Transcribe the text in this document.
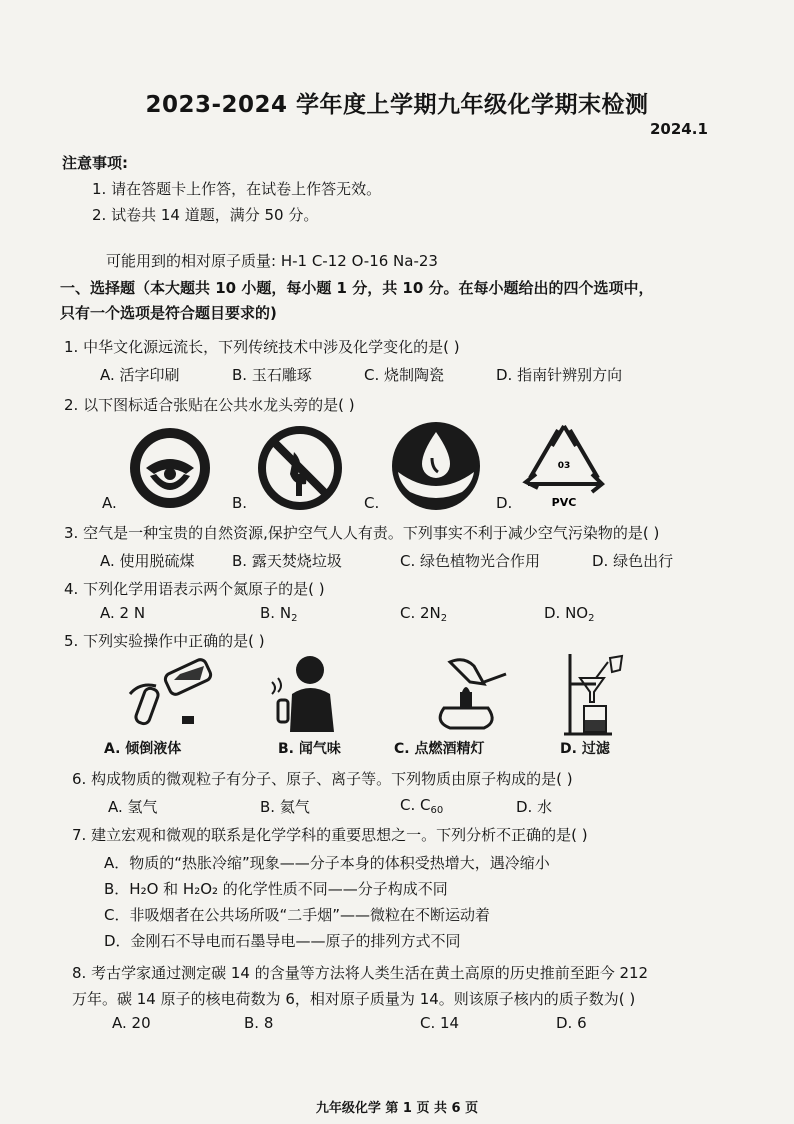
2023-2024 学年度上学期九年级化学期末检测
2024.1
注意事项:
1. 请在答题卡上作答，在试卷上作答无效。
2. 试卷共 14 道题，满分 50 分。
可能用到的相对原子质量: H-1 C-12 O-16 Na-23
一、选择题（本大题共 10 小题，每小题 1 分，共 10 分。在每小题给出的四个选项中，
只有一个选项是符合题目要求的)
1. 中华文化源远流长，下列传统技术中涉及化学变化的是( )
A. 活字印刷	B. 玉石雕琢	C. 烧制陶瓷	D. 指南针辨别方向
2. 以下图标适合张贴在公共水龙头旁的是( )
03
PVC
A.	B.	C.	D.
3. 空气是一种宝贵的自然资源,保护空气人人有责。下列事实不利于减少空气污染物的是( )
A. 使用脱硫煤 B. 露天焚烧垃圾	C. 绿色植物光合作用	D. 绿色出行
4. 下列化学用语表示两个氮原子的是( )
A. 2 N	B. $N_2$	C. $2N_2$	D. $NO_2$
5. 下列实验操作中正确的是( )
A. 倾倒液体	B. 闻气味	C. 点燃酒精灯	D. 过滤
6. 构成物质的微观粒子有分子、原子、离子等。下列物质由原子构成的是( )
A. 氢气	B. 氦气	C. $C_{60}$	D. 水
7. 建立宏观和微观的联系是化学学科的重要思想之一。下列分析不正确的是( )
A．物质的“热胀冷缩”现象——分子本身的体积受热增大，遇冷缩小
B．H₂O 和 H₂O₂ 的化学性质不同——分子构成不同
C．非吸烟者在公共场所吸“二手烟”——微粒在不断运动着
D．金刚石不导电而石墨导电——原子的排列方式不同
8. 考古学家通过测定碳 14 的含量等方法将人类生活在黄土高原的历史推前至距今 212
万年。碳 14 原子的核电荷数为 6，相对原子质量为 14。则该原子核内的质子数为( )
A. 20	B. 8	C. 14	D. 6
九年级化学 第 1 页 共 6 页
